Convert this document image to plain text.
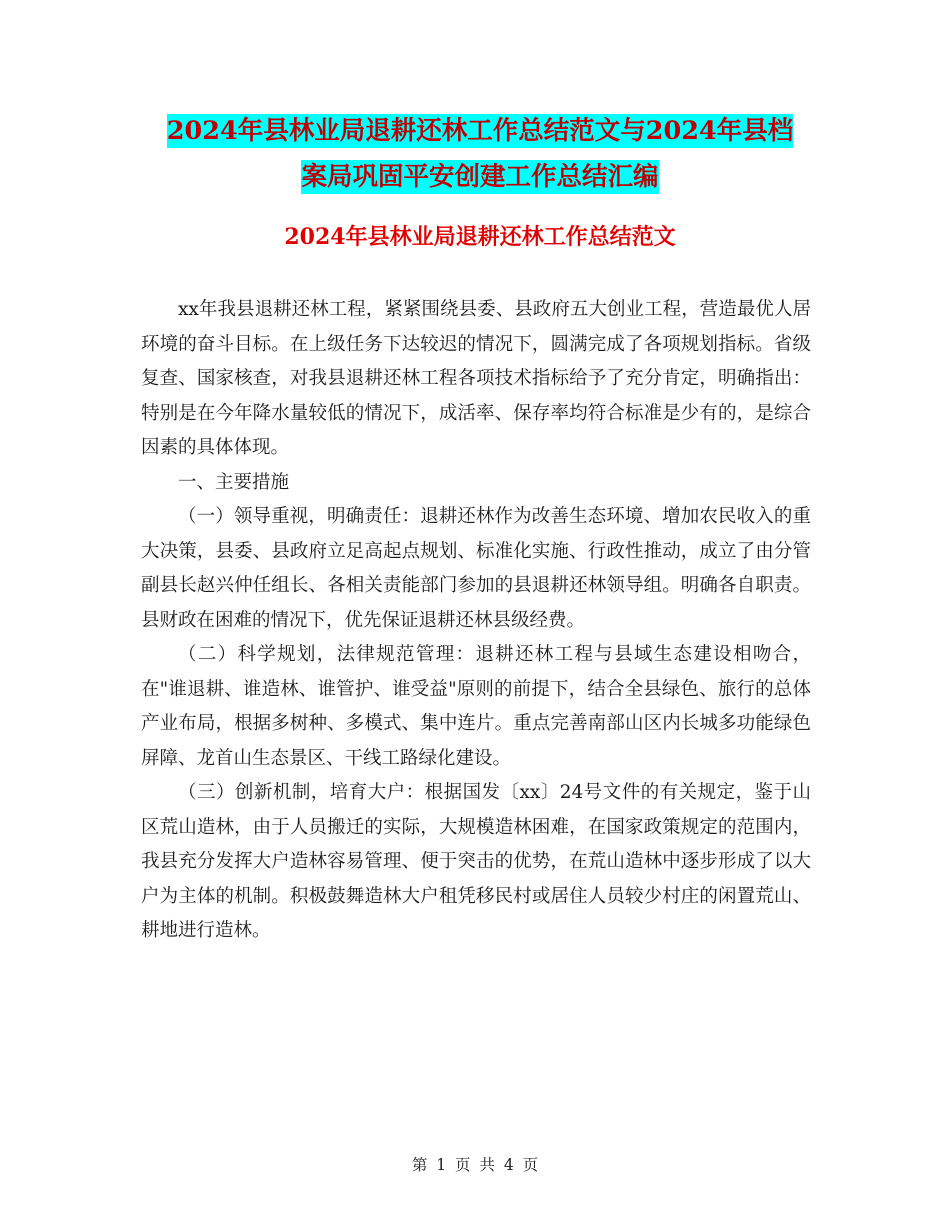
2024年县林业局退耕还林工作总结范文与2024年县档
案局巩固平安创建工作总结汇编
2024年县林业局退耕还林工作总结范文

xx年我县退耕还林工程，紧紧围绕县委、县政府五大创业工程，营造最优人居环境的奋斗目标。在上级任务下达较迟的情况下，圆满完成了各项规划指标。省级复查、国家核查，对我县退耕还林工程各项技术指标给予了充分肯定，明确指出：特别是在今年降水量较低的情况下，成活率、保存率均符合标准是少有的，是综合因素的具体体现。

一、主要措施

（一）领导重视，明确责任：退耕还林作为改善生态环境、增加农民收入的重大决策，县委、县政府立足高起点规划、标准化实施、行政性推动，成立了由分管副县长赵兴仲任组长、各相关责能部门参加的县退耕还林领导组。明确各自职责。县财政在困难的情况下，优先保证退耕还林县级经费。

（二）科学规划，法律规范管理：退耕还林工程与县域生态建设相吻合，在"谁退耕、谁造林、谁管护、谁受益"原则的前提下，结合全县绿色、旅行的总体产业布局，根据多树种、多模式、集中连片。重点完善南部山区内长城多功能绿色屏障、龙首山生态景区、干线工路绿化建设。

（三）创新机制，培育大户：根据国发〔xx〕24号文件的有关规定，鉴于山区荒山造林，由于人员搬迁的实际，大规模造林困难，在国家政策规定的范围内，我县充分发挥大户造林容易管理、便于突击的优势，在荒山造林中逐步形成了以大户为主体的机制。积极鼓舞造林大户租凭移民村或居住人员较少村庄的闲置荒山、耕地进行造林。

第 1 页 共 4 页
